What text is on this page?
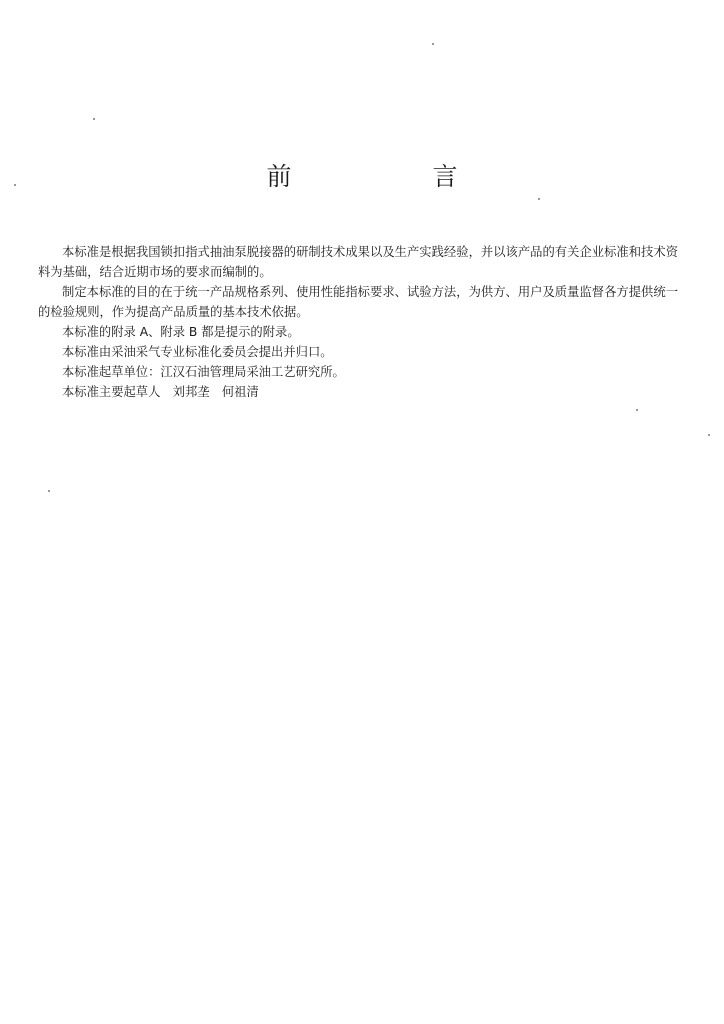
前　言

本标准是根据我国锁扣指式抽油泵脱接器的研制技术成果以及生产实践经验，并以该产品的有关企业标准和技术资料为基础，结合近期市场的要求而编制的。

制定本标准的目的在于统一产品规格系列、使用性能指标要求、试验方法，为供方、用户及质量监督各方提供统一的检验规则，作为提高产品质量的基本技术依据。

本标准的附录 A、附录 B 都是提示的附录。

本标准由采油采气专业标准化委员会提出并归口。

本标准起草单位：江汉石油管理局采油工艺研究所。

本标准主要起草人　刘邦垄　何祖清
